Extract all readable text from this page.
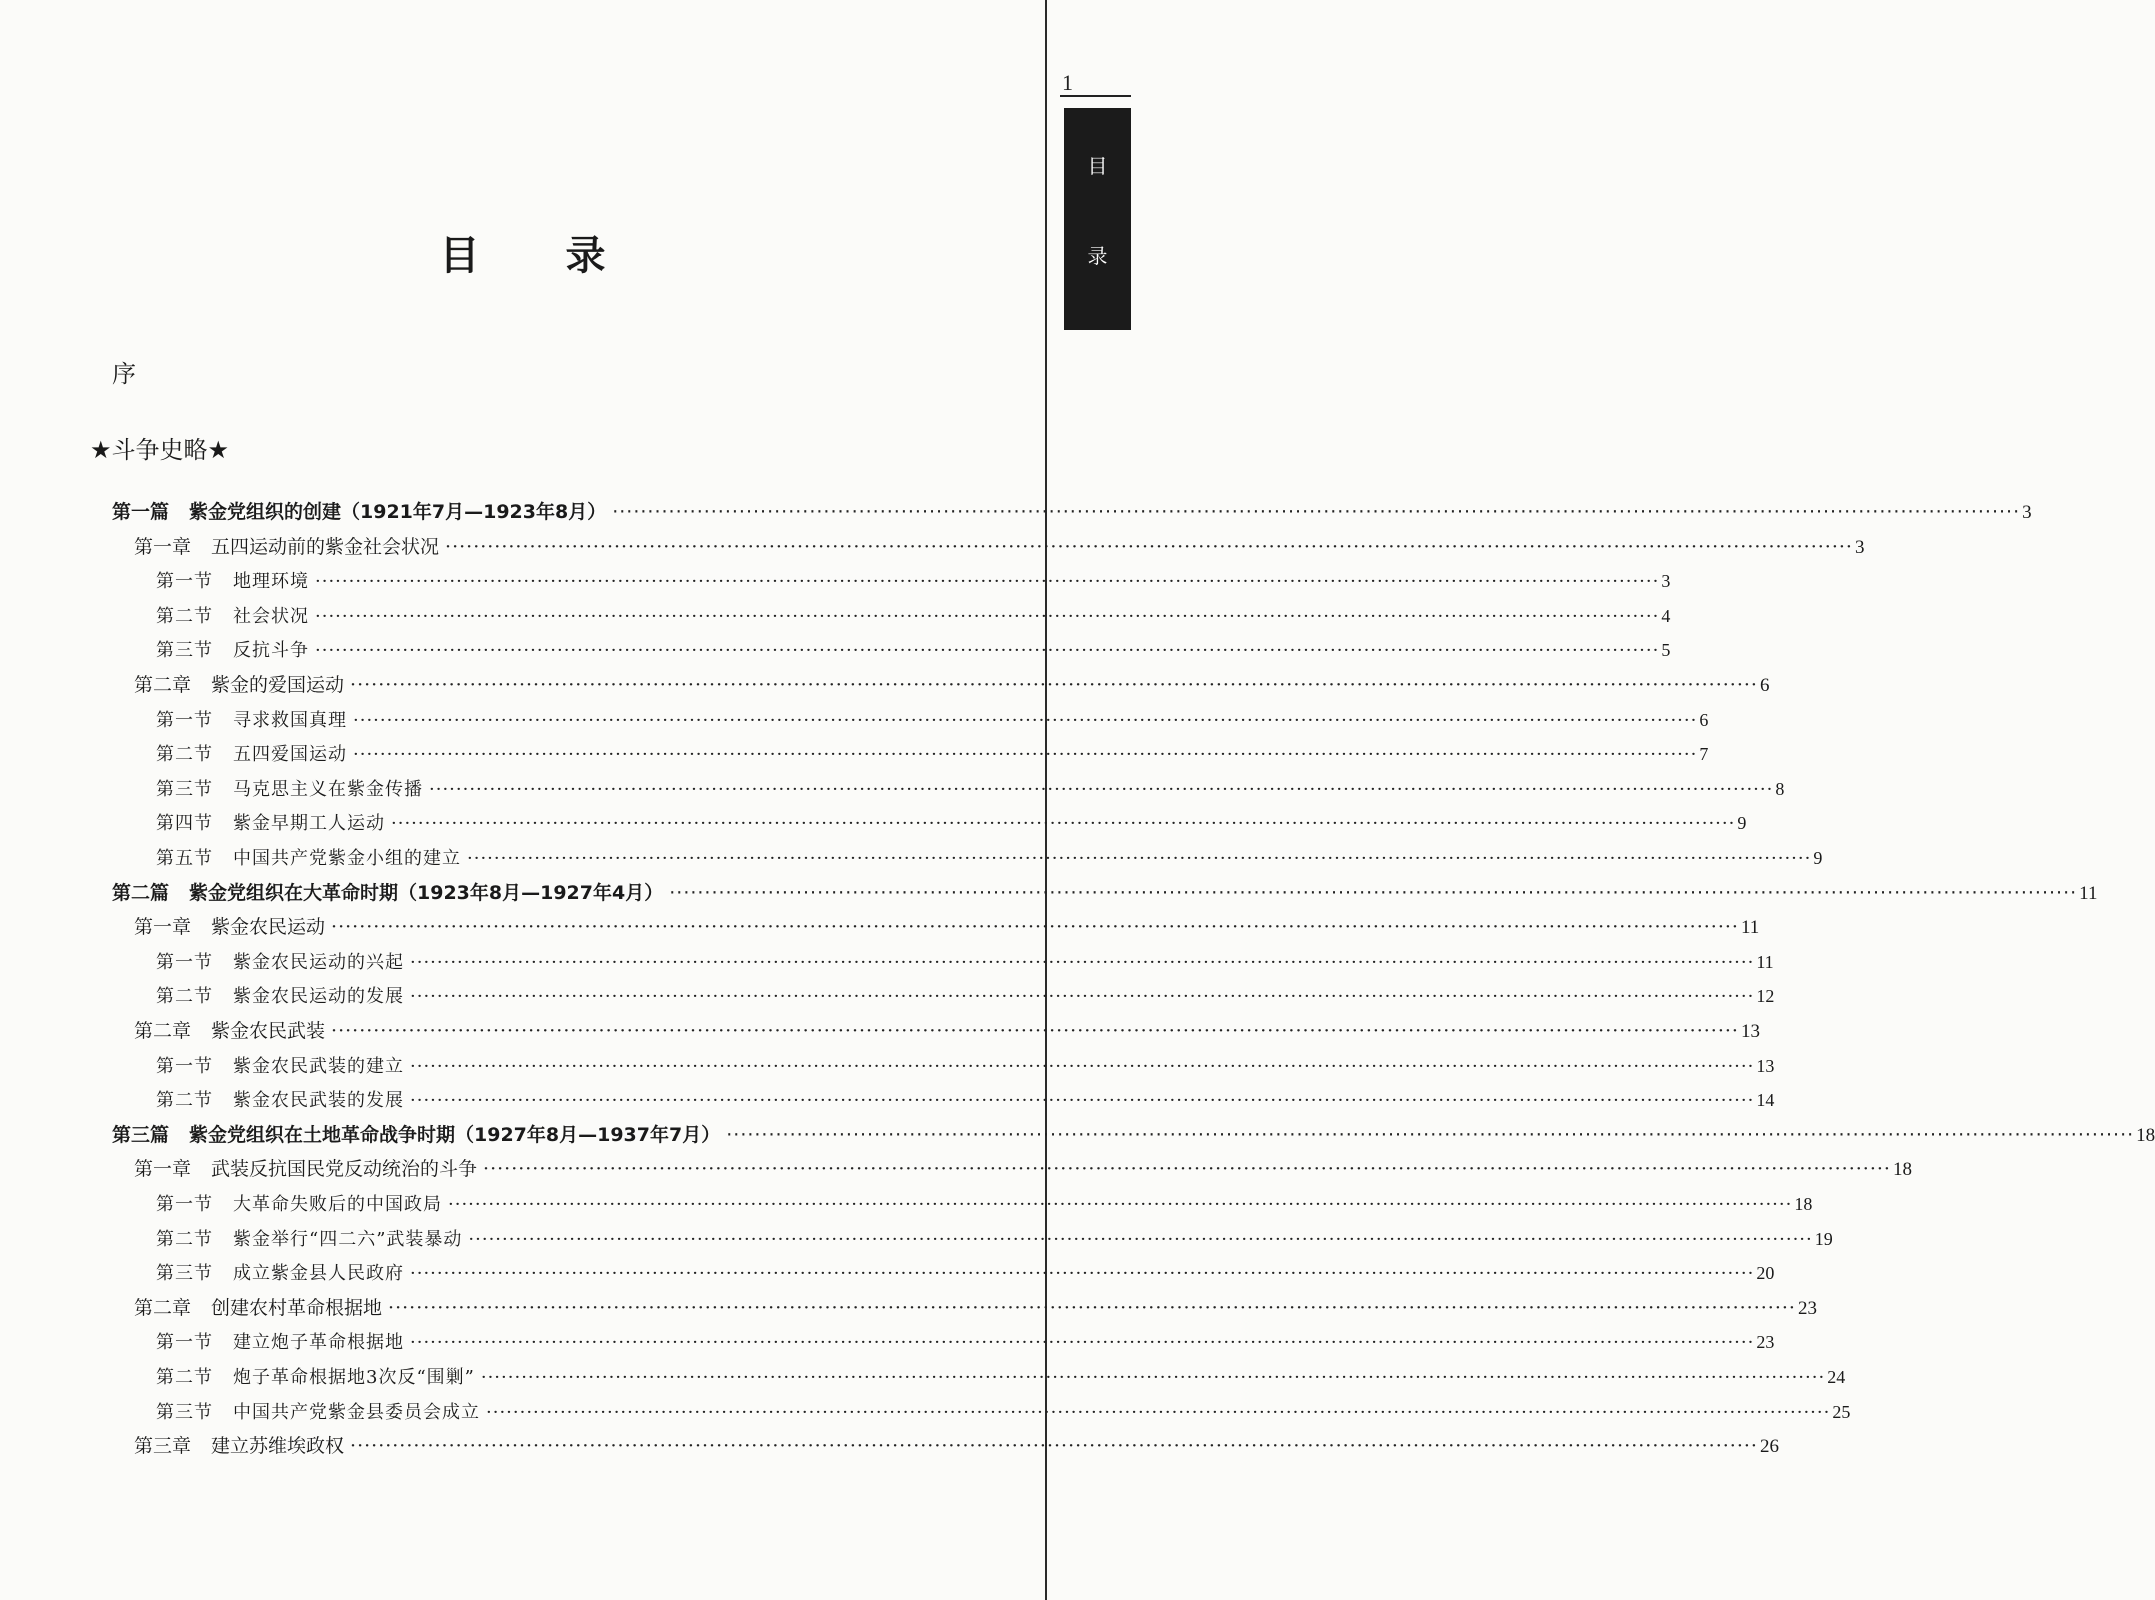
1
目
录
目 录
序
★斗争史略★
第一篇 紫金党组织的创建（1921年7月—1923年8月） ········································································································································································································ 3
第一章 五四运动前的紫金社会状况 ········································································································································································································ 3
第一节 地理环境 ········································································································································································································ 3
第二节 社会状况 ········································································································································································································ 4
第三节 反抗斗争 ········································································································································································································ 5
第二章 紫金的爱国运动 ········································································································································································································ 6
第一节 寻求救国真理 ········································································································································································································ 6
第二节 五四爱国运动 ········································································································································································································ 7
第三节 马克思主义在紫金传播 ········································································································································································································ 8
第四节 紫金早期工人运动 ········································································································································································································ 9
第五节 中国共产党紫金小组的建立 ········································································································································································································ 9
第二篇 紫金党组织在大革命时期（1923年8月—1927年4月） ········································································································································································································ 11
第一章 紫金农民运动 ········································································································································································································ 11
第一节 紫金农民运动的兴起 ········································································································································································································ 11
第二节 紫金农民运动的发展 ········································································································································································································ 12
第二章 紫金农民武装 ········································································································································································································ 13
第一节 紫金农民武装的建立 ········································································································································································································ 13
第二节 紫金农民武装的发展 ········································································································································································································ 14
第三篇 紫金党组织在土地革命战争时期（1927年8月—1937年7月） ········································································································································································································ 18
第一章 武装反抗国民党反动统治的斗争 ········································································································································································································ 18
第一节 大革命失败后的中国政局 ········································································································································································································ 18
第二节 紫金举行“四二六”武装暴动 ········································································································································································································ 19
第三节 成立紫金县人民政府 ········································································································································································································ 20
第二章 创建农村革命根据地 ········································································································································································································ 23
第一节 建立炮子革命根据地 ········································································································································································································ 23
第二节 炮子革命根据地3次反“围剿” ········································································································································································································ 24
第三节 中国共产党紫金县委员会成立 ········································································································································································································ 25
第三章 建立苏维埃政权 ········································································································································································································ 26
